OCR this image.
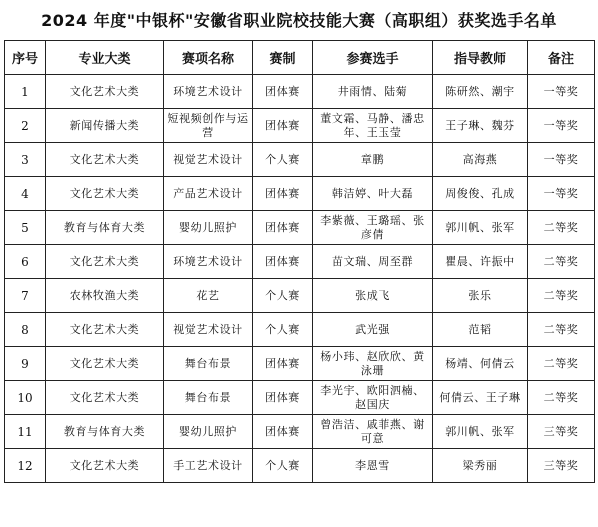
2024 年度"中银杯"安徽省职业院校技能大赛（高职组）获奖选手名单
序号	专业大类	赛项名称	赛制	参赛选手	指导教师	备注
1	文化艺术大类	环境艺术设计	团体赛	井雨情、陆菊	陈研然、潮宇	一等奖
2	新闻传播大类	短视频创作与运营	团体赛	董文霜、马静、潘忠年、王玉莹	王子琳、魏芬	一等奖
3	文化艺术大类	视觉艺术设计	个人赛	章鹏	高海燕	一等奖
4	文化艺术大类	产品艺术设计	团体赛	韩洁婷、叶大磊	周俊俊、孔成	一等奖
5	教育与体育大类	婴幼儿照护	团体赛	李紫薇、王璐瑶、张彦倩	郭川帆、张军	二等奖
6	文化艺术大类	环境艺术设计	团体赛	苗文瑞、周至群	瞿晨、许振中	二等奖
7	农林牧渔大类	花艺	个人赛	张成飞	张乐	二等奖
8	文化艺术大类	视觉艺术设计	个人赛	武光强	范韬	二等奖
9	文化艺术大类	舞台布景	团体赛	杨小玮、赵欣欣、黄泳珊	杨靖、何倩云	二等奖
10	文化艺术大类	舞台布景	团体赛	李光宇、欧阳泗楠、赵国庆	何倩云、王子琳	二等奖
11	教育与体育大类	婴幼儿照护	团体赛	曾浩洁、戚菲燕、谢可意	郭川帆、张军	三等奖
12	文化艺术大类	手工艺术设计	个人赛	李恩雪	梁秀丽	三等奖
